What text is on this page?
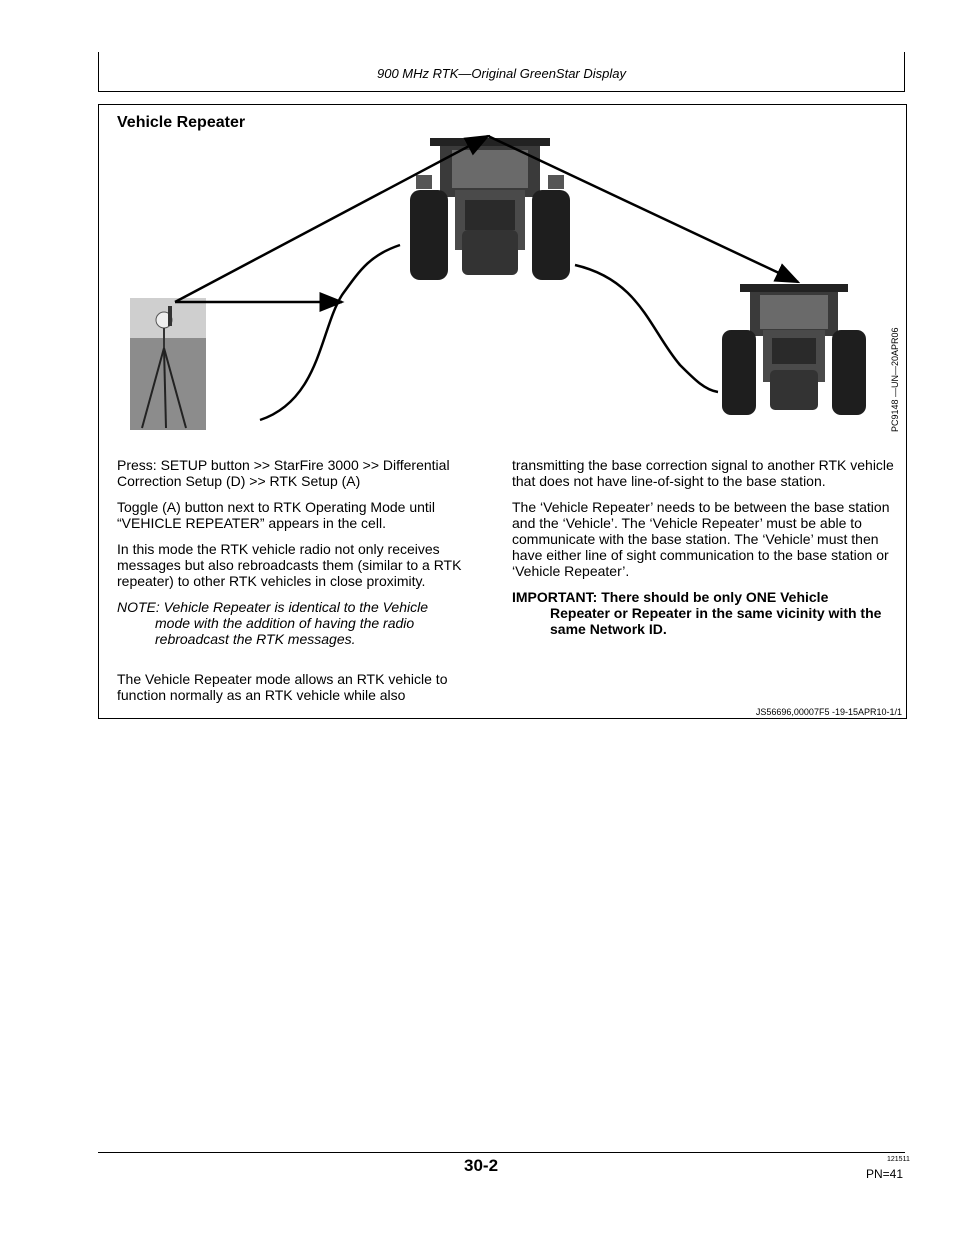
900 MHz RTK—Original GreenStar Display
Vehicle Repeater
PC9148 —UN—20APR06

Press: SETUP button >> StarFire 3000 >> Differential Correction Setup (D) >> RTK Setup (A)

Toggle (A) button next to RTK Operating Mode until “VEHICLE REPEATER” appears in the cell.

In this mode the RTK vehicle radio not only receives messages but also rebroadcasts them (similar to a RTK repeater) to other RTK vehicles in close proximity.

NOTE: Vehicle Repeater is identical to the Vehicle
mode with the addition of having the radio rebroadcast the RTK messages.

The Vehicle Repeater mode allows an RTK vehicle to function normally as an RTK vehicle while also

transmitting the base correction signal to another RTK vehicle that does not have line-of-sight to the base station.

The ‘Vehicle Repeater’ needs to be between the base station and the ‘Vehicle’. The ‘Vehicle Repeater’ must be able to communicate with the base station. The ‘Vehicle’ must then have either line of sight communication to the base station or ‘Vehicle Repeater’.

IMPORTANT: There should be only ONE Vehicle
Repeater or Repeater in the same vicinity with the same Network ID.

JS56696,00007F5 -19-15APR10-1/1
30-2	121511
PN=41
